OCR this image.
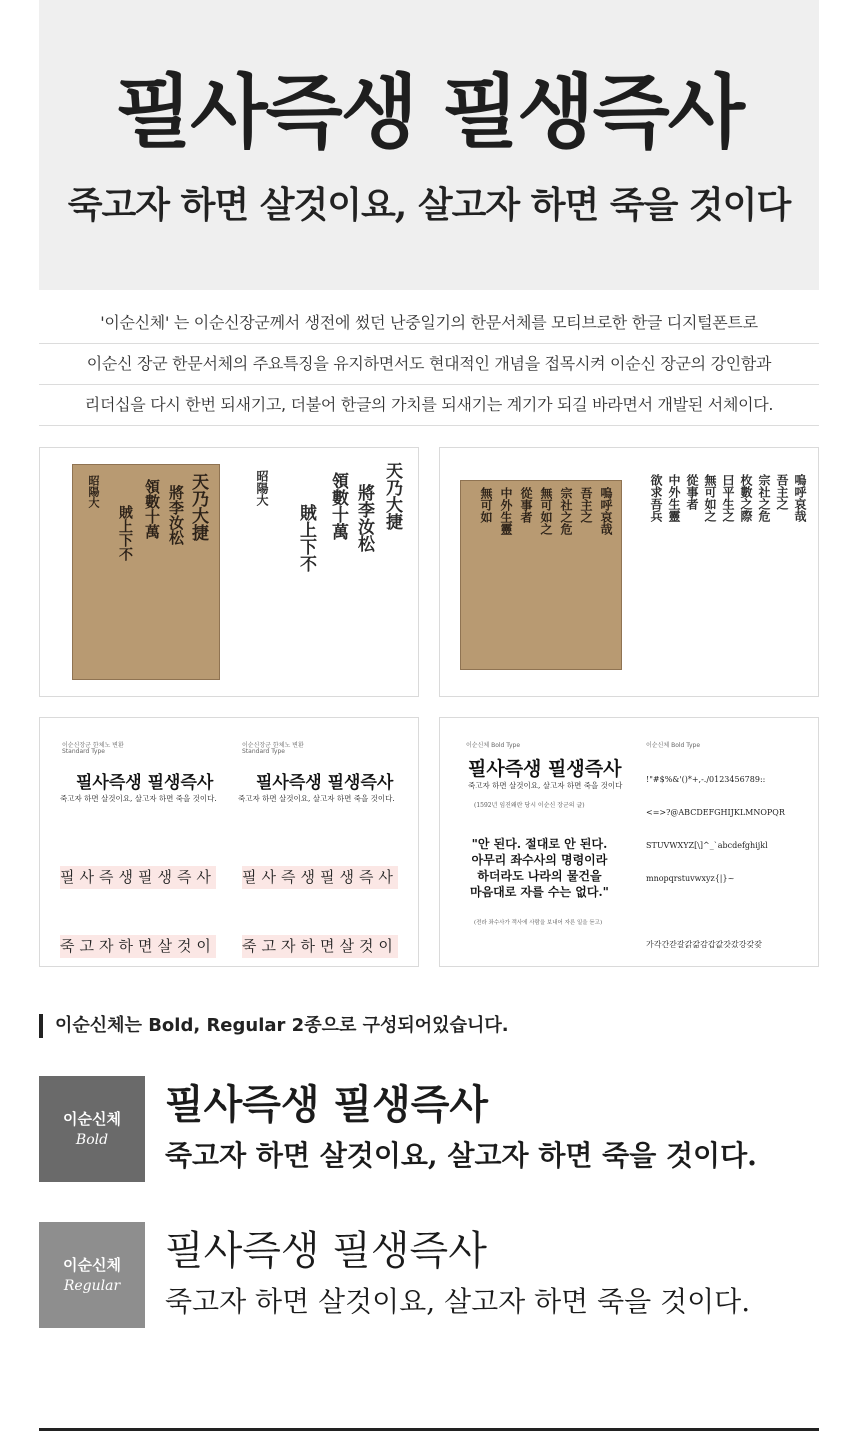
필사즉생 필생즉사
죽고자 하면 살것이요, 살고자 하면 죽을 것이다
'이순신체' 는 이순신장군께서 생전에 썼던 난중일기의 한문서체를 모티브로한 한글 디지털폰트로
이순신 장군 한문서체의 주요특징을 유지하면서도 현대적인 개념을 접목시켜 이순신 장군의 강인함과
리더십을 다시 한번 되새기고, 더불어 한글의 가치를 되새기는 계기가 되길 바라면서 개발된 서체이다.
天乃大捷
將李汝松
領數十萬
賊上下不
昭陽大	天乃大捷
將李汝松
領數十萬
賊上下不
昭陽大	嗚呼哀哉
吾主之
宗社之危
無可如之
從事者
中外生靈
無可如	嗚呼哀哉
吾主之
宗社之危
枚數之際
曰平生之
無可如之
從事者
中外生靈
欲求吾兵
이순신장군 한체노 변환
Standard Type
이순신장군 한체노 변환
Standard Type
필사즉생 필생즉사
죽고자 하면 살것이요, 살고자 하면 죽을 것이다.
필사즉생 필생즉사
죽고자 하면 살것이요, 살고자 하면 죽을 것이다.

필사즉생필생즉사

죽고자하면살것이

필사즉생필생즉사

죽고자하면살것이

이순신체 Bold Type	이순신체 Bold Type
필사즉생 필생즉사
죽고자 하면 살것이요, 살고자 하면 죽을 것이다
(1592년 임진왜란 당시 이순신 장군의 글)
"안 된다. 절대로 안 된다.
아무리 좌수사의 명령이라
하더라도 나라의 물건을
마음대로 자를 수는 없다."
(전라 좌수사가 객사에 사람을 보내어 자른 일을 듣고)

!"#$%&'()*+,-./0123456789::

<=>?@ABCDEFGHIJKLMNOPQR

STUVWXYZ[\]^_`abcdefghijkl

mnopqrstuvwxyz{|}~

가각간갇갈갉갊감갑값갓갔강갖갗

이순신체는 Bold, Regular 2종으로 구성되어있습니다.
이순신체
Bold
필사즉생 필생즉사
죽고자 하면 살것이요, 살고자 하면 죽을 것이다.
이순신체
Regular
필사즉생 필생즉사
죽고자 하면 살것이요, 살고자 하면 죽을 것이다.
